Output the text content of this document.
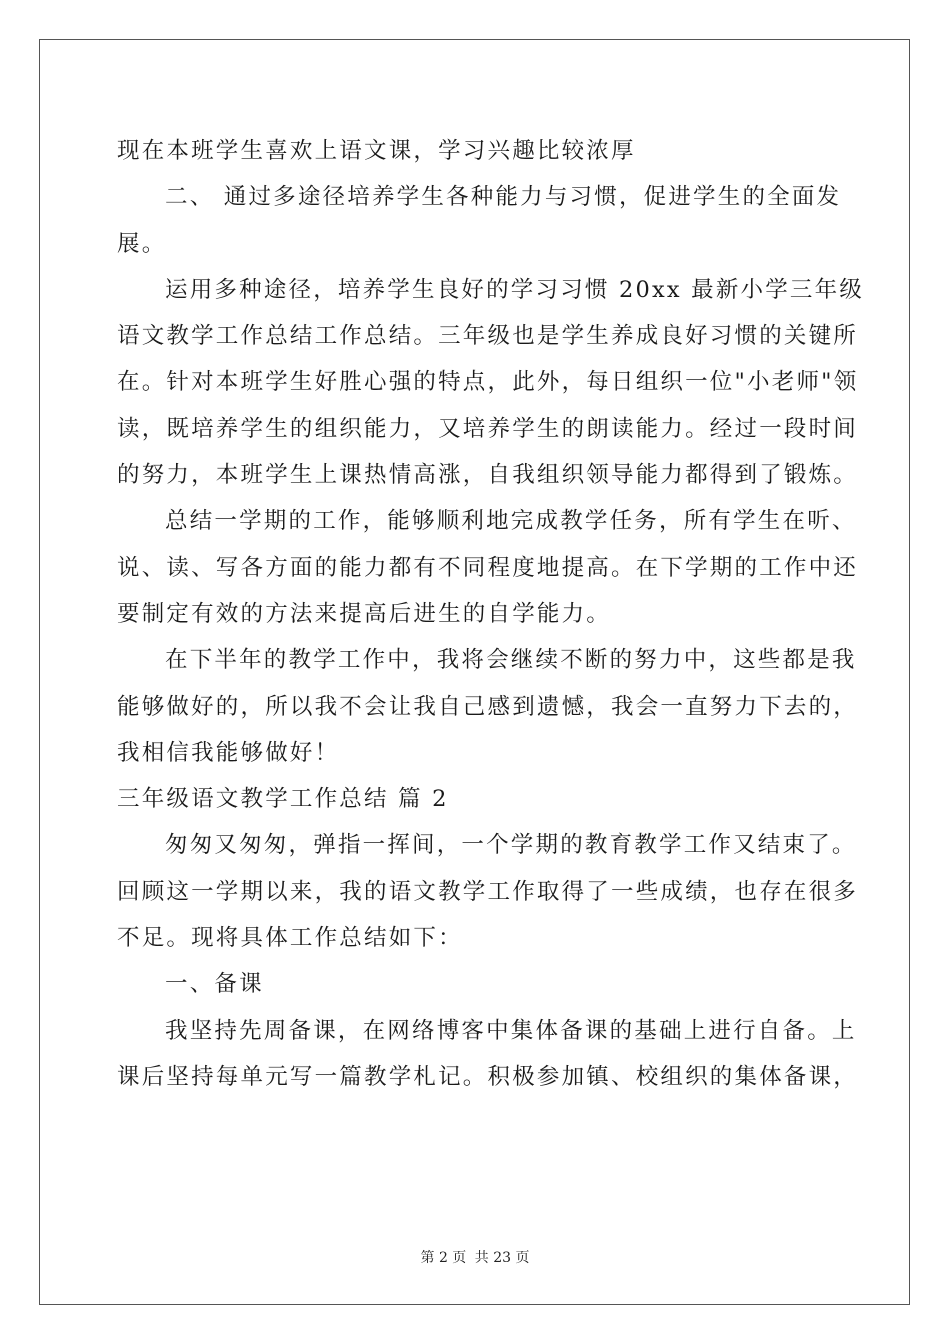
现在本班学生喜欢上语文课，学习兴趣比较浓厚
二、 通过多途径培养学生各种能力与习惯，促进学生的全面发
展。
运用多种途径，培养学生良好的学习习惯 20xx 最新小学三年级
语文教学工作总结工作总结。三年级也是学生养成良好习惯的关键所
在。针对本班学生好胜心强的特点，此外，每日组织一位"小老师"领
读，既培养学生的组织能力，又培养学生的朗读能力。经过一段时间
的努力，本班学生上课热情高涨，自我组织领导能力都得到了锻炼。
总结一学期的工作，能够顺利地完成教学任务，所有学生在听、
说、读、写各方面的能力都有不同程度地提高。在下学期的工作中还
要制定有效的方法来提高后进生的自学能力。
在下半年的教学工作中，我将会继续不断的努力中，这些都是我
能够做好的，所以我不会让我自己感到遗憾，我会一直努力下去的，
我相信我能够做好！
三年级语文教学工作总结 篇 2
匆匆又匆匆，弹指一挥间，一个学期的教育教学工作又结束了。
回顾这一学期以来，我的语文教学工作取得了一些成绩，也存在很多
不足。现将具体工作总结如下：
一、备课
我坚持先周备课，在网络博客中集体备课的基础上进行自备。上
课后坚持每单元写一篇教学札记。积极参加镇、校组织的集体备课，
第 2 页 共 23 页
